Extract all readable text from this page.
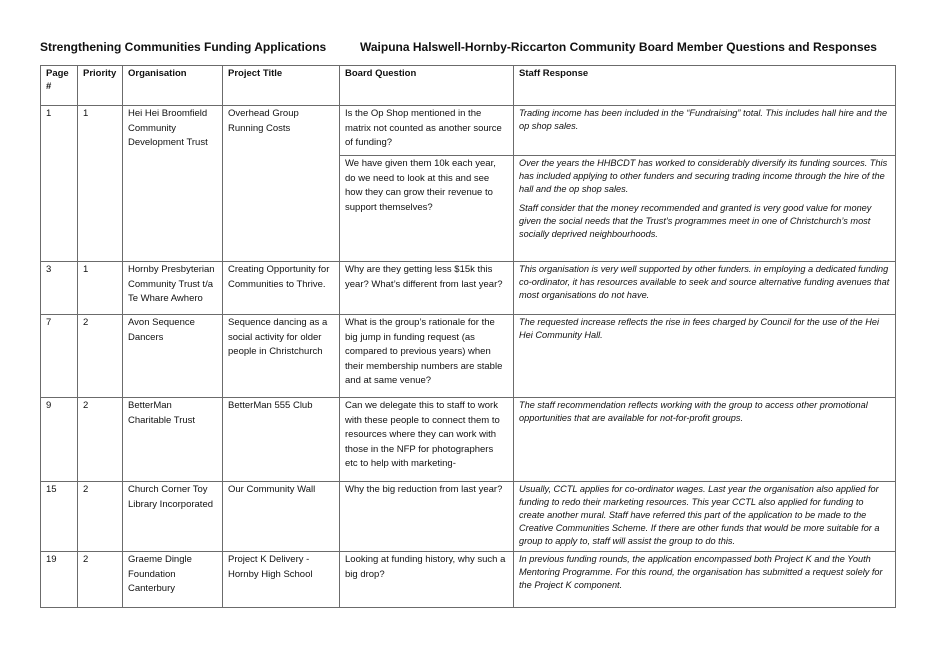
Strengthening Communities Funding Applications	Waipuna Halswell-Hornby-Riccarton Community Board Member Questions and Responses
Page #	Priority	Organisation	Project Title	Board Question	Staff Response
1	1	Hei Hei Broomfield Community Development Trust	Overhead Group Running Costs	Is the Op Shop mentioned in the matrix not counted as another source of funding?	Trading income has been included in the “Fundraising” total. This includes hall hire and the op shop sales.

				We have given them 10k each year, do we need to look at this and see how they can grow their revenue to support themselves?	Over the years the HHBCDT has worked to considerably diversify its funding sources. This has included applying to other funders and securing trading income through the hire of the hall and the op shop sales.

Staff consider that the money recommended and granted is very good value for money given the social needs that the Trust’s programmes meet in one of Christchurch’s most socially deprived neighbourhoods.

3	1	Hornby Presbyterian Community Trust t/a Te Whare Awhero	Creating Opportunity for Communities to Thrive.	Why are they getting less $15k this year? What’s different from last year?	This organisation is very well supported by other funders. in employing a dedicated funding co-ordinator, it has resources available to seek and source alternative funding avenues that most organisations do not have.

7	2	Avon Sequence Dancers	Sequence dancing as a social activity for older people in Christchurch	What is the group’s rationale for the big jump in funding request (as compared to previous years) when their membership numbers are stable and at same venue?	The requested increase reflects the rise in fees charged by Council for the use of the Hei Hei Community Hall.

9	2	BetterMan Charitable Trust	BetterMan 555 Club	Can we delegate this to staff to work with these people to connect them to resources where they can work with those in the NFP for photographers etc to help with marketing-	The staff recommendation reflects working with the group to access other promotional opportunities that are available for not-for-profit groups.

15	2	Church Corner Toy Library Incorporated	Our Community Wall	Why the big reduction from last year?	Usually, CCTL applies for co-ordinator wages. Last year the organisation also applied for funding to redo their marketing resources. This year CCTL also applied for funding to create another mural. Staff have referred this part of the application to be made to the Creative Communities Scheme. If there are other funds that would be more suitable for a group to apply to, staff will assist the group to do this.

19	2	Graeme Dingle Foundation Canterbury	Project K Delivery - Hornby High School	Looking at funding history, why such a big drop?	In previous funding rounds, the application encompassed both Project K and the Youth Mentoring Programme. For this round, the organisation has submitted a request solely for the Project K component.
